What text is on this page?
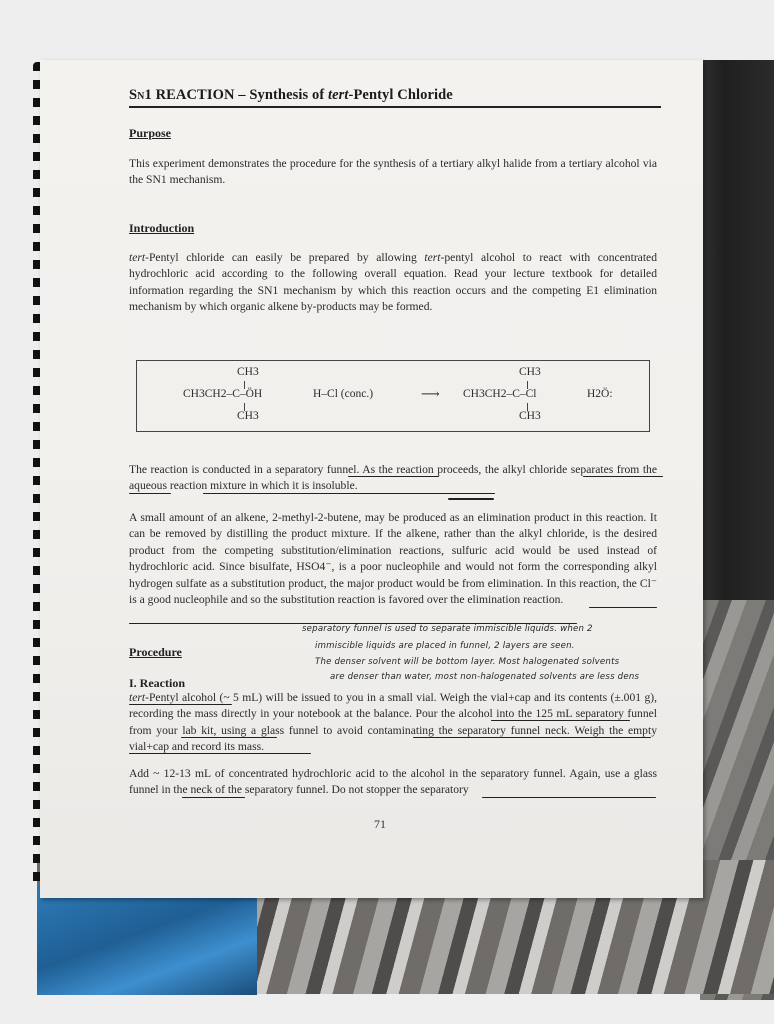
SN1 REACTION – Synthesis of tert-Pentyl Chloride
Purpose
This experiment demonstrates the procedure for the synthesis of a tertiary alkyl halide from a tertiary alcohol via the SN1 mechanism.
Introduction
tert-Pentyl chloride can easily be prepared by allowing tert-pentyl alcohol to react with concentrated hydrochloric acid according to the following overall equation. Read your lecture textbook for detailed information regarding the SN1 mechanism by which this reaction occurs and the competing E1 elimination mechanism by which organic alkene by-products may be formed.
CH3
CH3CH2–C–ÖH
CH3
H–Cl (conc.)	⟶
CH3
CH3CH2–C–Cl
CH3
H2Ö:
The reaction is conducted in a separatory funnel. As the reaction proceeds, the alkyl chloride separates from the aqueous reaction mixture in which it is insoluble.
A small amount of an alkene, 2-methyl-2-butene, may be produced as an elimination product in this reaction. It can be removed by distilling the product mixture. If the alkene, rather than the alkyl chloride, is the desired product from the competing substitution/elimination reactions, sulfuric acid would be used instead of hydrochloric acid. Since bisulfate, HSO4⁻, is a poor nucleophile and would not form the corresponding alkyl hydrogen sulfate as a substitution product, the major product would be from elimination. In this reaction, the Cl⁻ is a good nucleophile and so the substitution reaction is favored over the elimination reaction.
separatory funnel is used to separate immiscible liquids. when 2
immiscible liquids are placed in funnel, 2 layers are seen.
The denser solvent will be bottom layer. Most halogenated solvents
are denser than water, most non-halogenated solvents are less dens
Procedure
I. Reaction
tert-Pentyl alcohol (~ 5 mL) will be issued to you in a small vial. Weigh the vial+cap and its contents (±.001 g), recording the mass directly in your notebook at the balance. Pour the alcohol into the 125 mL separatory funnel from your lab kit, using a glass funnel to avoid contaminating the separatory funnel neck. Weigh the empty vial+cap and record its mass.
Add ~ 12-13 mL of concentrated hydrochloric acid to the alcohol in the separatory funnel. Again, use a glass funnel in the neck of the separatory funnel. Do not stopper the separatory
71
